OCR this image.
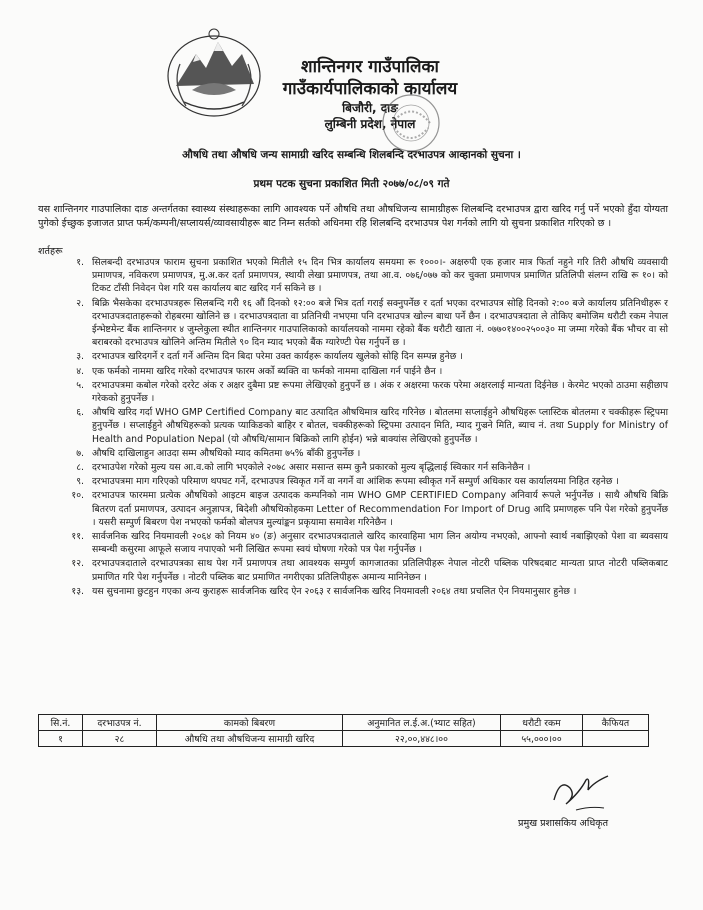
शान्तिनगर गाउँपालिका
गाउँकार्यपालिकाको कार्यालय
बिजौरी, दाङ
लुम्बिनी प्रदेश, नेपाल
औषधि तथा औषधि जन्य सामाग्री खरिद सम्बन्धि शिलबन्दि दरभाउपत्र आव्हानको सुचना ।
प्रथम पटक सुचना प्रकाशित मिती २०७७/०८/०९ गते
यस शान्तिनगर गाउपालिका दाङ अन्तर्गतका स्वास्थ्य संस्थाहरूका लागि आवश्यक पर्ने औषधि तथा औषधिजन्य सामाग्रीहरू शिलबन्दि दरभाउपत्र द्वारा खरिद गर्नु पर्ने भएको हुँदा योग्यता पुगेको ईच्छुक इजाजत प्राप्त फर्म/कम्पनी/सप्लायर्स/व्यावसायीहरू बाट निम्न सर्तको अधिनमा रहि शिलबन्दि दरभाउपत्र पेश गर्नको लागि यो सुचना प्रकाशित गरिएको छ ।
शर्तहरू
१. सिलबन्दी दरभाउपत्र फाराम सुचना प्रकाशित भएको मितीले १५ दिन भित्र कार्यालय समयमा रू १०००।- अक्षरुपी एक हजार मात्र फिर्ता नहुने गरि तिरी औषधि व्यवसायी प्रमाणपत्र, नविकरण प्रमाणपत्र, मु.अ.कर दर्ता प्रमाणपत्र, स्थायी लेखा प्रमाणपत्र, तथा आ.व. ०७६/०७७ को कर चुक्ता प्रमाणपत्र प्रमाणित प्रतिलिपी संलग्न राखि रू १०। को टिकट टाँसी निवेदन पेश गरि यस कार्यालय बाट खरिद गर्न सकिने छ ।
२. बिक्रि भैसकेका दरभाउपत्रहरू सिलबन्दि गरी १६ औं दिनको १२:०० बजे भित्र दर्ता गराई सक्नुपर्नेछ र दर्ता भएका दरभाउपत्र सोहि दिनको २:०० बजे कार्यालय प्रतिनिधीहरू र दरभाउपत्रदाताहरूको रोहबरमा खोलिने छ । दरभाउपत्रदाता वा प्रतिनिधी नभएमा पनि दरभाउपत्र खोल्न बाधा पर्ने छैन । दरभाउपत्रदाता ले तोकिए बमोजिम धरौटी रकम नेपाल ईन्भेष्टमेन्ट बैंक शान्तिनगर ४ जुम्लेकुला स्थीत शान्तिनगर गाउपालिकाको कार्यालयको नाममा रहेको बैंक धरौटी खाता नं. ०७७०१४००२५००३० मा जम्मा गरेको बैंक भौचर वा सो बराबरको दरभाउपत्र खोलिने अन्तिम मितीले ९० दिन म्याद भएको बैंक ग्यारेण्टी पेस गर्नुपर्ने छ ।
३. दरभाउपत्र खरिदगर्ने र दर्ता गर्ने अन्तिम दिन बिदा परेमा उक्त कार्यहरू कार्यालय खुलेको सोहि दिन सम्पन्न हुनेछ ।
४. एक फर्मको नाममा खरिद गरेको दरभाउपत्र फारम अर्को ब्यक्ति वा फर्मको नाममा दाखिला गर्न पाईने छैन ।
५. दरभाउपत्रमा कबोल गरेको दररेट अंक र अक्षर दुबैमा प्रष्ट रूपमा लेखिएको हुनुपर्ने छ । अंक र अक्षरमा फरक परेमा अक्षरलाई मान्यता दिईनेछ । केरमेट भएको ठाउमा सहीछाप गरेकको हुनुपर्नेछ ।
६. औषधि खरिद गर्दा WHO GMP Certified Company बाट उत्पादित औषधिमात्र खरिद गरिनेछ । बोतलमा सप्लाईहुने औषधिहरू प्लास्टिक बोतलमा र चक्कीहरू स्ट्रिपमा हुनुपर्नेछ । सप्लाईहुने औषधिहरूको प्रत्यक प्याकिङको बाहिर र बोतल, चक्कीहरूको स्ट्रिपमा उत्पादन मिति, म्याद गुज्रने मिति, ब्याच नं. तथा Supply for Ministry of Health and Population Nepal (यो औषधि/सामान बिक्रिको लागि होईन) भन्ने बाक्यांस लेखिएको हुनुपर्नेछ ।
७. औषधि दाखिलाहुन आउदा सम्म औषधिको म्याद कमितमा ७५% बाँकी हुनुपर्नेछ ।
८. दरभाउपेश गरेको मुल्य यस आ.व.को लागि भएकोले २०७८ असार मसान्त सम्म कुनै प्रकारको मुल्य बृद्धिलाई स्विकार गर्न सकिनेछैन ।
९. दरभाउपत्रमा माग गरिएको परिमाण थपघट गर्ने, दरभाउपत्र स्विकृत गर्ने वा नगर्ने वा आंशिक रूपमा स्वीकृत गर्ने सम्पुर्ण अधिकार यस कार्यालयमा निहित रहनेछ ।
१०. दरभाउपत्र फारममा प्रत्येक औषधिको आइटम बाइज उत्पादक कम्पनिको नाम WHO GMP CERTIFIED Company अनिवार्य रूपले भर्नुपर्नेछ । साथै औषधि बिक्रि बितरण दर्ता प्रमाणपत्र, उत्पादन अनुज्ञापत्र, बिदेशी औषधिकोहकमा Letter of Recommendation For Import of Drug आदि प्रमाणहरू पनि पेश गरेको हुनुपर्नेछ । यसरी सम्पुर्ण बिबरण पेश नभएको फर्मको बोलपत्र मुल्यांङ्कन प्रकृयामा समावेश गरिनेछैन ।
११. सार्वजनिक खरिद नियमावली २०६४ को नियम ४० (ङ) अनुसार दरभाउपत्रदाताले खरिद कारवाहिमा भाग लिन अयोग्य नभएको, आफ्नो स्वार्थ नबाझिएको पेशा वा ब्यवसाय सम्बन्धी कसुरमा आफूले सजाय नपाएको भनी लिखित रूपमा स्वयं घोषणा गरेको पत्र पेश गर्नुपर्नेछ ।
१२. दरभाउपत्रदाताले दरभाउपत्रका साथ पेश गर्ने प्रमाणपत्र तथा आवश्यक सम्पुर्ण कागजातका प्रतिलिपीहरू नेपाल नोटरी पब्लिक परिषदबाट मान्यता प्राप्त नोटरी पब्लिकबाट प्रमाणित गरि पेश गर्नुपर्नेछ । नोटरी पब्लिक बाट प्रमाणित नगरीएका प्रतिलिपीहरू अमान्य मानिनेछन ।
१३. यस सुचनामा छुटहुन गएका अन्य कुराहरू सार्वजनिक खरिद ऐन २०६३ र सार्वजनिक खरिद नियमावली २०६४ तथा प्रचलित ऐन नियमानुसार हुनेछ ।
सि.नं.	दरभाउपत्र नं.	कामको बिबरण	अनुमानित ल.ई.अ.(भ्याट सहित)	धरौटी रकम	कैफियत
१	२८	औषधि तथा औषधिजन्य सामाग्री खरिद	२२,००,४४८।००	५५,०००।००	
प्रमुख प्रशासकिय अधिकृत
